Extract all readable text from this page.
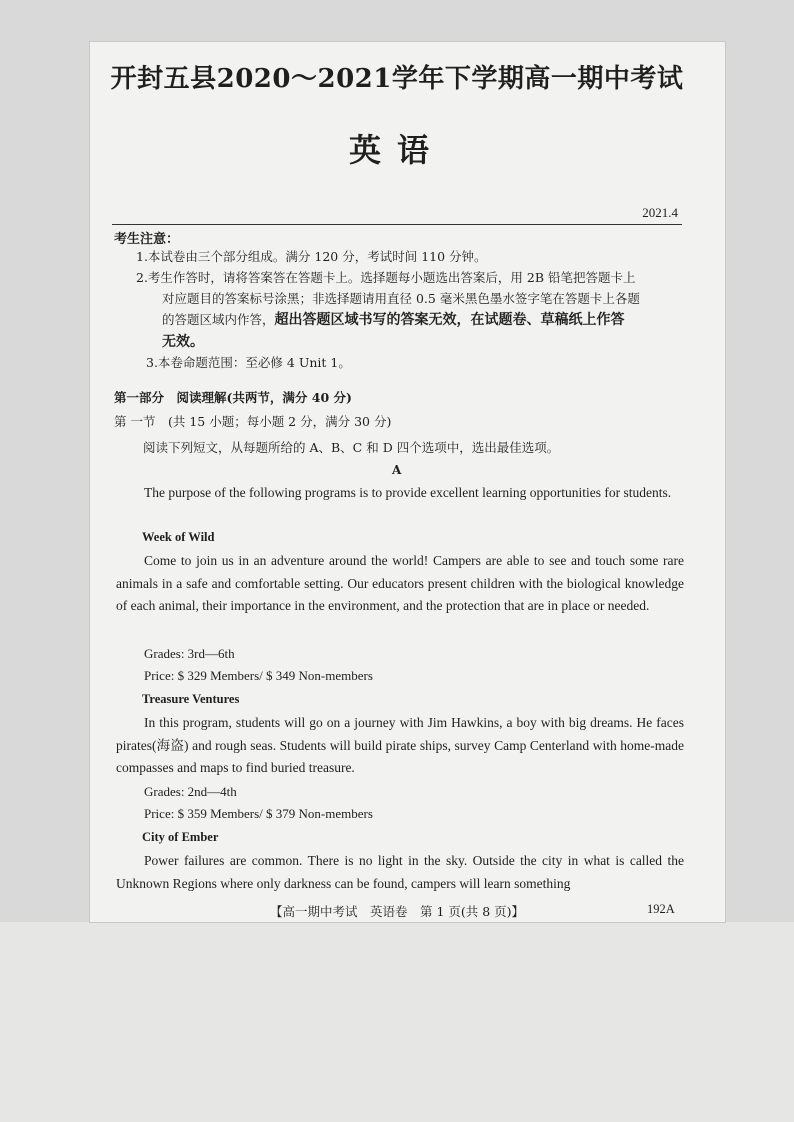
开封五县2020～2021学年下学期高一期中考试
英语
2021.4
考生注意：
1.本试卷由三个部分组成。满分 120 分，考试时间 110 分钟。
2.考生作答时，请将答案答在答题卡上。选择题每小题选出答案后，用 2B 铅笔把答题卡上
对应题目的答案标号涂黑；非选择题请用直径 0.5 毫米黑色墨水签字笔在答题卡上各题
的答题区域内作答，超出答题区域书写的答案无效，在试题卷、草稿纸上作答
无效。
3.本卷命题范围：至必修 4 Unit 1。
第一部分　阅读理解(共两节，满分 40 分)
第 一节　(共 15 小题；每小题 2 分，满分 30 分)
阅读下列短文，从每题所给的 A、B、C 和 D 四个选项中，选出最佳选项。
A
The purpose of the following programs is to provide excellent learning opportunities for students.
Week of Wild
Come to join us in an adventure around the world! Campers are able to see and touch some rare animals in a safe and comfortable setting. Our educators present children with the biological knowledge of each animal, their importance in the environment, and the protection that are in place or needed.
Grades: 3rd—6th
Price: $ 329 Members/ $ 349 Non-members
Treasure Ventures
In this program, students will go on a journey with Jim Hawkins, a boy with big dreams. He faces pirates(海盗) and rough seas. Students will build pirate ships, survey Camp Centerland with home-made compasses and maps to find buried treasure.
Grades: 2nd—4th
Price: $ 359 Members/ $ 379 Non-members
City of Ember
Power failures are common. There is no light in the sky. Outside the city in what is called the Unknown Regions where only darkness can be found, campers will learn something
【高一期中考试　英语卷　第 1 页(共 8 页)】	192A
